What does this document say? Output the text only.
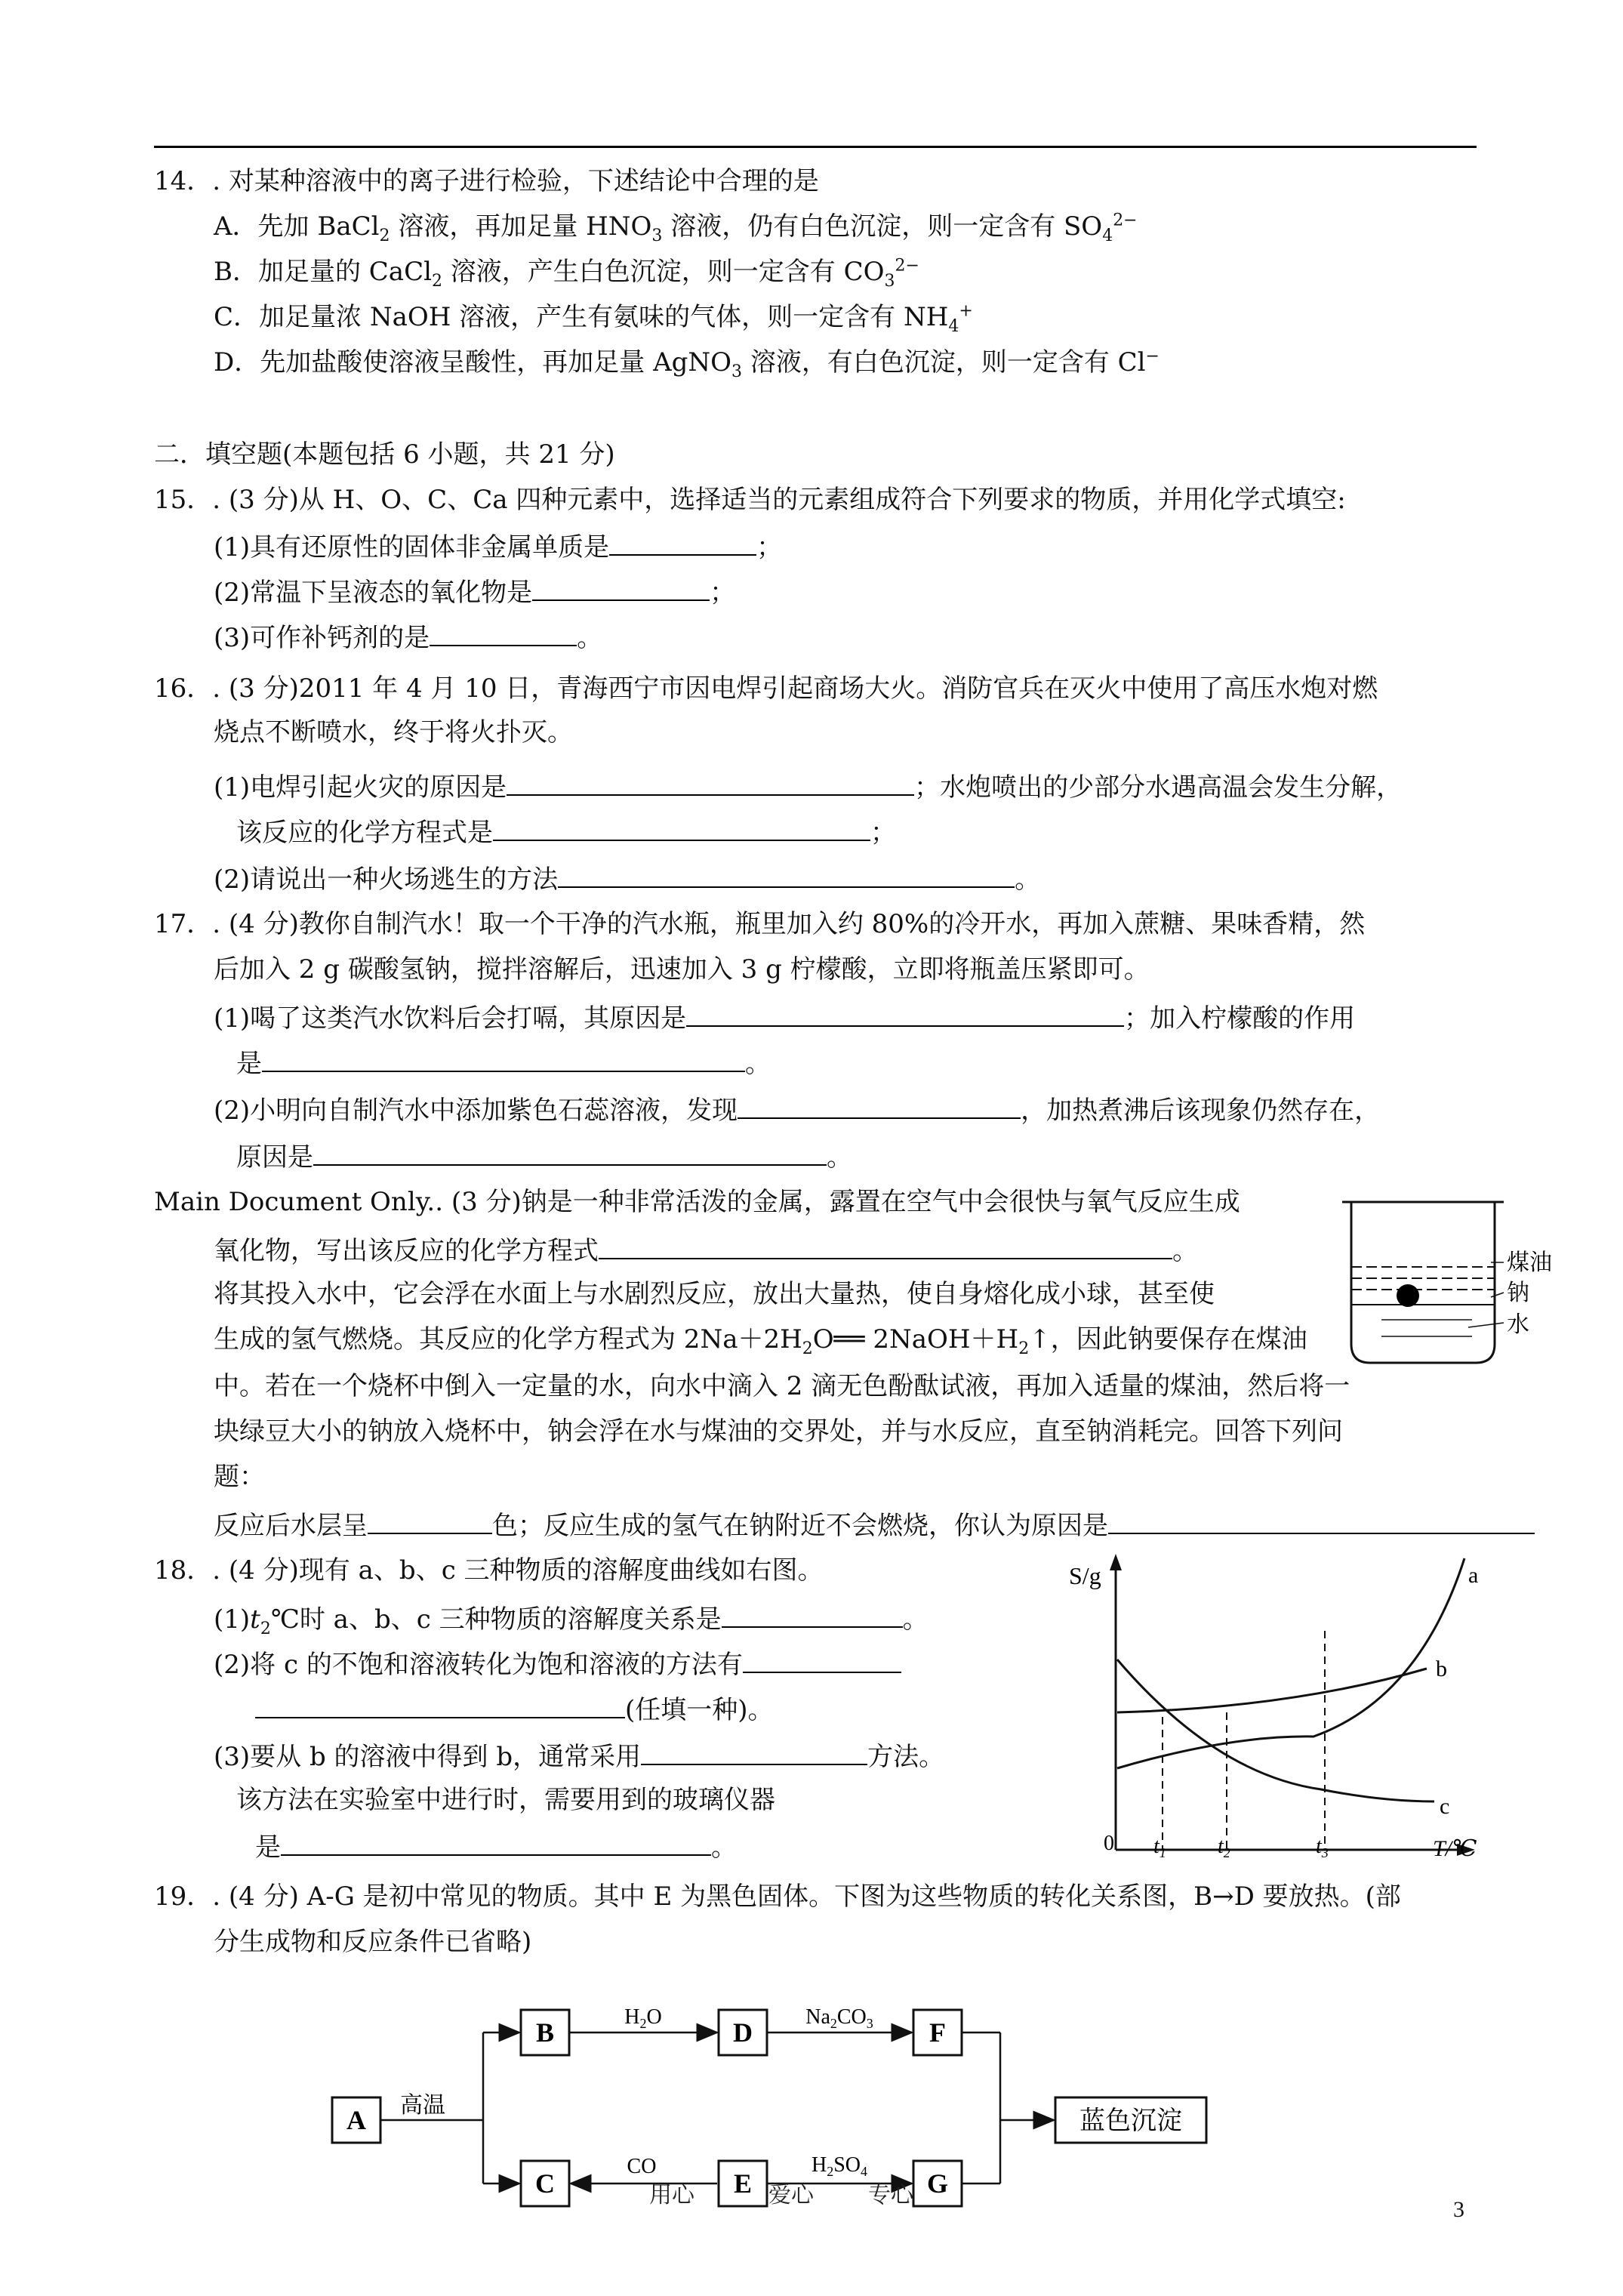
14．. 对某种溶液中的离子进行检验，下述结论中合理的是
A．先加 BaCl$_2$ 溶液，再加足量 $HNO_3$ 溶液，仍有白色沉淀，则一定含有 $SO_4^{2-}$
B．加足量的 CaCl$_2$ 溶液，产生白色沉淀，则一定含有 $CO_3^{2-}$
C．加足量浓 NaOH 溶液，产生有氨味的气体，则一定含有 $NH_4^+$
D．先加盐酸使溶液呈酸性，再加足量 AgNO$_3$ 溶液，有白色沉淀，则一定含有 Cl−
二．填空题(本题包括 6 小题，共 21 分)
15．. (3 分)从 H、O、C、Ca 四种元素中，选择适当的元素组成符合下列要求的物质，并用化学式填空:
(1)具有还原性的固体非金属单质是	；
(2)常温下呈液态的氧化物是	；
(3)可作补钙剂的是	。
16．. (3 分)2011 年 4 月 10 日，青海西宁市因电焊引起商场大火。消防官兵在灭火中使用了高压水炮对燃
烧点不断喷水，终于将火扑灭。
(1)电焊引起火灾的原因是	；水炮喷出的少部分水遇高温会发生分解，
该反应的化学方程式是	；
(2)请说出一种火场逃生的方法	。
17．. (4 分)教你自制汽水！取一个干净的汽水瓶，瓶里加入约 80%的冷开水，再加入蔗糖、果味香精，然
后加入 2 g 碳酸氢钠，搅拌溶解后，迅速加入 3 g 柠檬酸，立即将瓶盖压紧即可。
(1)喝了这类汽水饮料后会打嗝，其原因是	；加入柠檬酸的作用
是	。
(2)小明向自制汽水中添加紫色石蕊溶液，发现	，加热煮沸后该现象仍然存在，
原因是	。
Main Document Only.. (3 分)钠是一种非常活泼的金属，露置在空气中会很快与氧气反应生成
氧化物，写出该反应的化学方程式	。
将其投入水中，它会浮在水面上与水剧烈反应，放出大量热，使自身熔化成小球，甚至使
生成的氢气燃烧。其反应的化学方程式为 $2Na+2H_2O══$ $2NaOH+H_2↑$，因此钠要保存在煤油
中。若在一个烧杯中倒入一定量的水，向水中滴入 2 滴无色酚酞试液，再加入适量的煤油，然后将一
块绿豆大小的钠放入烧杯中，钠会浮在水与煤油的交界处，并与水反应，直至钠消耗完。回答下列问
题：
反应后水层呈	色；反应生成的氢气在钠附近不会燃烧，你认为原因是
煤油
钠
水
18．. (4 分)现有 a、b、c 三种物质的溶解度曲线如右图。
$(1)t_2℃$时 a、b、c 三种物质的溶解度关系是	。
(2)将 c 的不饱和溶液转化为饱和溶液的方法有
(任填一种)。
(3)要从 b 的溶液中得到 b，通常采用	方法。
该方法在实验室中进行时，需要用到的玻璃仪器
是	。
S/g
T/℃
0
a
b
c
$t_1$ $t_2$	$t_3$
19．. (4 分) A-G 是初中常见的物质。其中 E 为黑色固体。下图为这些物质的转化关系图，B→D 要放热。(部
分生成物和反应条件已省略)
A
B
C
D
E
F
G
蓝色沉淀
高温
$H_2O$	$Na_2CO_3$
CO	$H_2SO_4$
用心	爱心 专心
3
